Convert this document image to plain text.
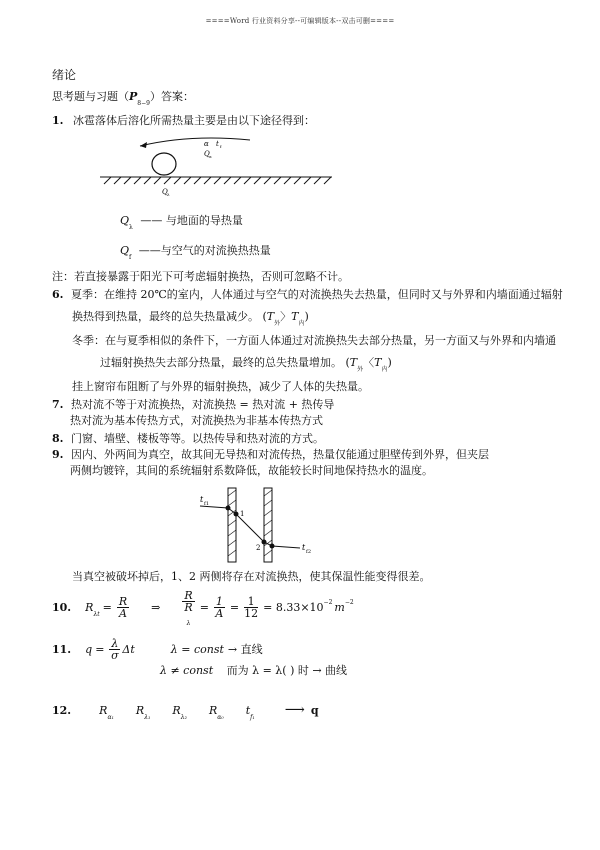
====Word 行业资料分享--可编辑版本--双击可删====
绪论
思考题与习题$(P_{8-9})$答案：
1. 冰雹落体后溶化所需热量主要是由以下途径得到：
α t f
Q α
Q λ
$Q_\lambda$ —— 与地面的导热量
$Q_f$ ——与空气的对流换热热量
注：若直接暴露于阳光下可考虑辐射换热，否则可忽略不计。
6. 夏季：在维持 20℃的室内，人体通过与空气的对流换热失去热量，但同时又与外界和内墙面通过辐射
换热得到热量，最终的总失热量减少。 ($T_外$〉$T_内$)
冬季：在与夏季相似的条件下，一方面人体通过对流换热失去部分热量，另一方面又与外界和内墙通
过辐射换热失去部分热量，最终的总失热量增加。 ($T_外$〈$T_内$)
挂上窗帘布阻断了与外界的辐射换热，减少了人体的失热量。
7. 热对流不等于对流换热，对流换热 = 热对流 + 热传导
热对流为基本传热方式，对流换热为非基本传热方式
8. 门窗、墙壁、楼板等等。以热传导和热对流的方式。
9. 因内、外两间为真空，故其间无导热和对流传热，热量仅能通过胆壁传到外界，但夹层
两侧均镀锌，其间的系统辐射系数降低，故能较长时间地保持热水的温度。
t f1
1
2	t f2
当真空被破坏掉后，1、2 两侧将存在对流换热，使其保温性能变得很差。
10. $R_{\lambda t}$
= $\frac{R}{A}$ ⇒ R
R
$\lambda = \frac{1}{A} = \frac{1}{12} = 8.33\times 10 -2$ m −2
11. $q = \frac{\lambda}{\sigma}$ Δt	λ = const → 直线
λ ≠ const 而为 λ = λ( ) 时 → 曲线
12.	$R_{\alpha_1}$
$R_{\lambda_1}$
$R_{\lambda_2}$
$R_{\alpha_0}$
$t_{f_1}$ ⟶ q
